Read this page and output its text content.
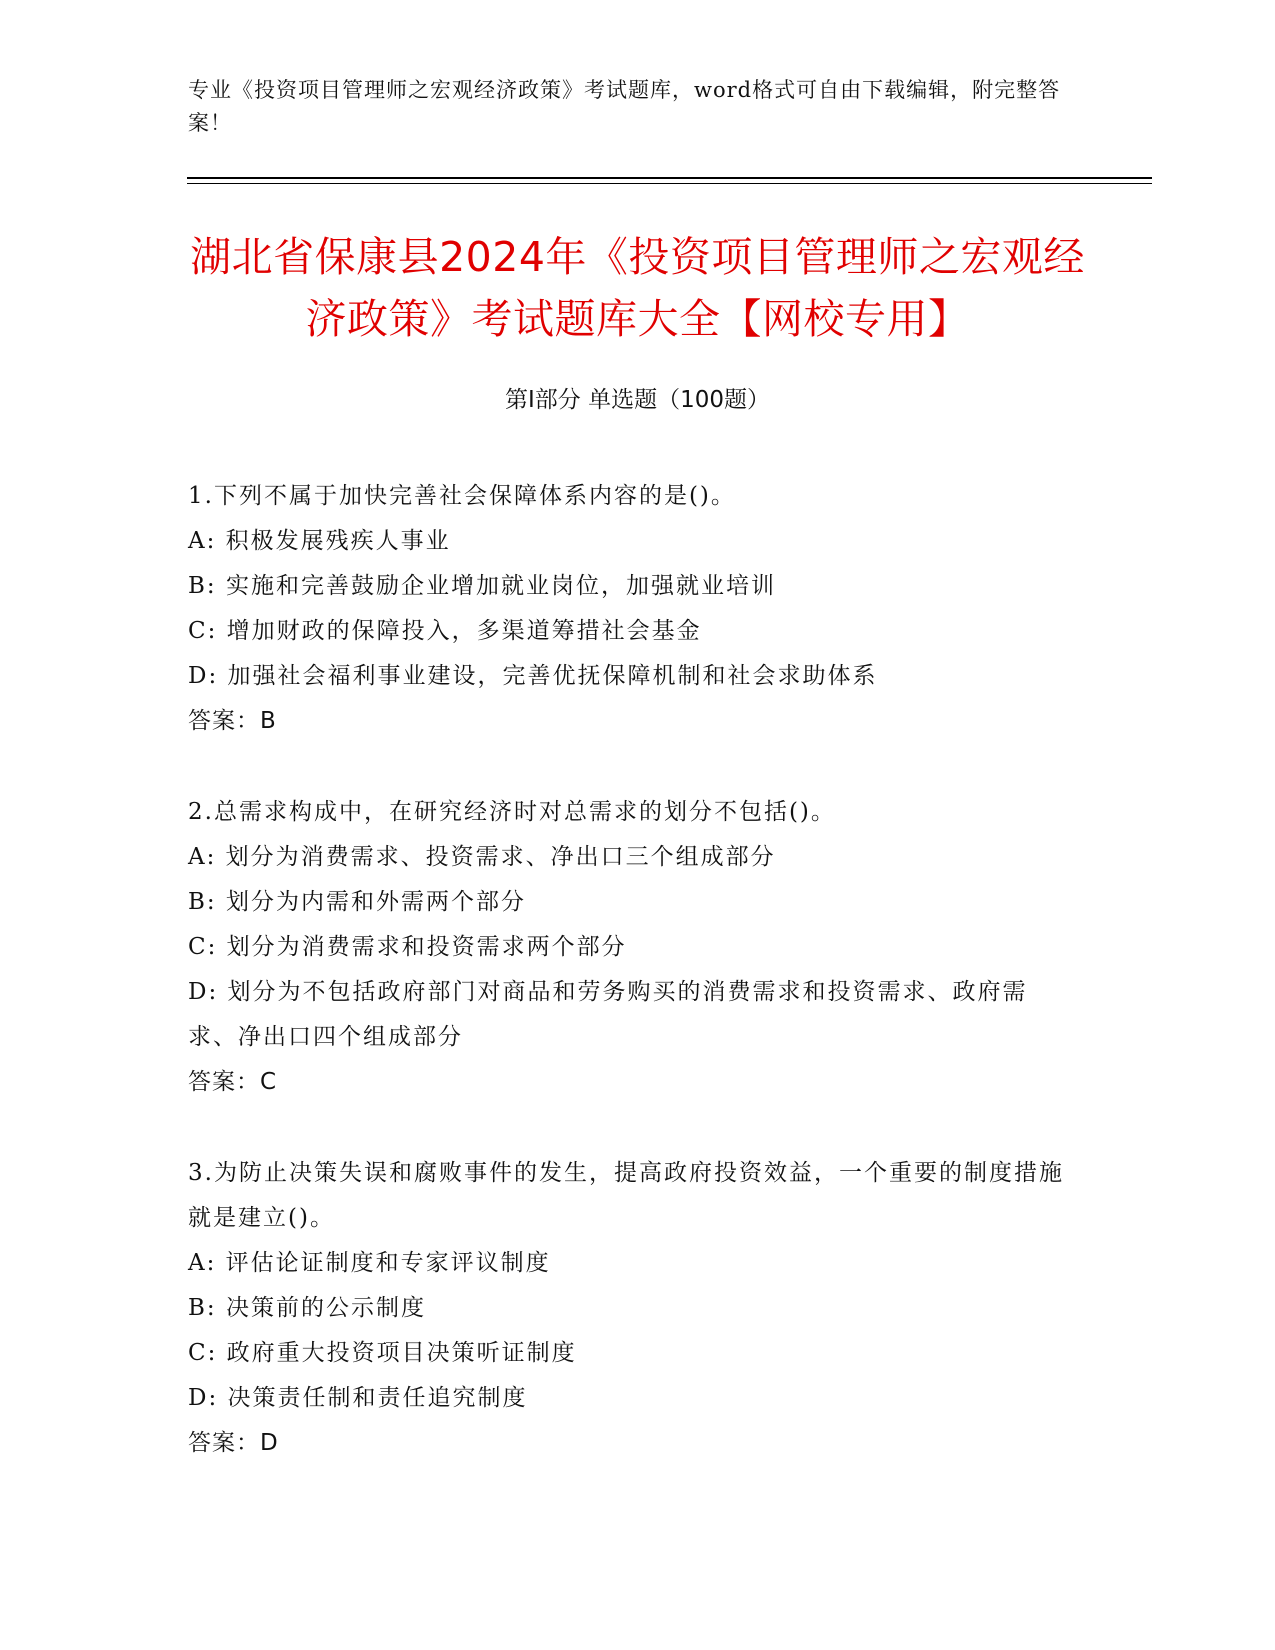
专业《投资项目管理师之宏观经济政策》考试题库，word格式可自由下载编辑，附完整答案！
湖北省保康县2024年《投资项目管理师之宏观经济政策》考试题库大全【网校专用】
第I部分 单选题（100题）
1.下列不属于加快完善社会保障体系内容的是()。
A: 积极发展残疾人事业
B: 实施和完善鼓励企业增加就业岗位，加强就业培训
C: 增加财政的保障投入，多渠道筹措社会基金
D: 加强社会福利事业建设，完善优抚保障机制和社会求助体系
答案：B
2.总需求构成中，在研究经济时对总需求的划分不包括()。
A: 划分为消费需求、投资需求、净出口三个组成部分
B: 划分为内需和外需两个部分
C: 划分为消费需求和投资需求两个部分
D: 划分为不包括政府部门对商品和劳务购买的消费需求和投资需求、政府需求、净出口四个组成部分
答案：C
3.为防止决策失误和腐败事件的发生，提高政府投资效益，一个重要的制度措施就是建立()。
A: 评估论证制度和专家评议制度
B: 决策前的公示制度
C: 政府重大投资项目决策听证制度
D: 决策责任制和责任追究制度
答案：D
